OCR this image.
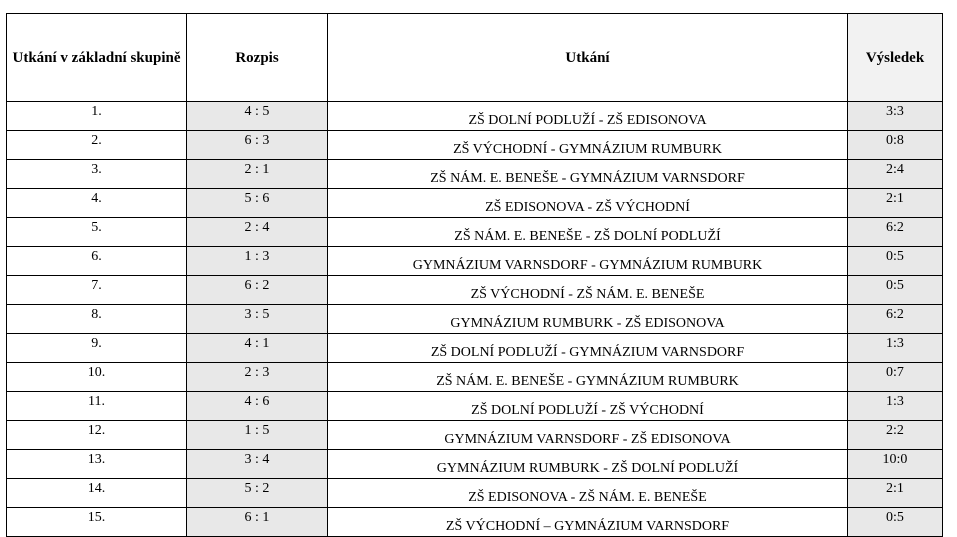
Utkání v základní skupině	Rozpis	Utkání	Výsledek
1.	4 : 5	ZŠ DOLNÍ PODLUŽÍ - ZŠ EDISONOVA	3:3
2.	6 : 3	ZŠ VÝCHODNÍ - GYMNÁZIUM RUMBURK	0:8
3.	2 : 1	ZŠ NÁM. E. BENEŠE - GYMNÁZIUM VARNSDORF	2:4
4.	5 : 6	ZŠ EDISONOVA - ZŠ VÝCHODNÍ	2:1
5.	2 : 4	ZŠ NÁM. E. BENEŠE - ZŠ DOLNÍ PODLUŽÍ	6:2
6.	1 : 3	GYMNÁZIUM VARNSDORF - GYMNÁZIUM RUMBURK	0:5
7.	6 : 2	ZŠ VÝCHODNÍ - ZŠ NÁM. E. BENEŠE	0:5
8.	3 : 5	GYMNÁZIUM RUMBURK - ZŠ EDISONOVA	6:2
9.	4 : 1	ZŠ DOLNÍ PODLUŽÍ - GYMNÁZIUM VARNSDORF	1:3
10.	2 : 3	ZŠ NÁM. E. BENEŠE - GYMNÁZIUM RUMBURK	0:7
11.	4 : 6	ZŠ DOLNÍ PODLUŽÍ - ZŠ VÝCHODNÍ	1:3
12.	1 : 5	GYMNÁZIUM VARNSDORF - ZŠ EDISONOVA	2:2
13.	3 : 4	GYMNÁZIUM RUMBURK - ZŠ DOLNÍ PODLUŽÍ	10:0
14.	5 : 2	ZŠ EDISONOVA - ZŠ NÁM. E. BENEŠE	2:1
15.	6 : 1	ZŠ VÝCHODNÍ – GYMNÁZIUM VARNSDORF	0:5
